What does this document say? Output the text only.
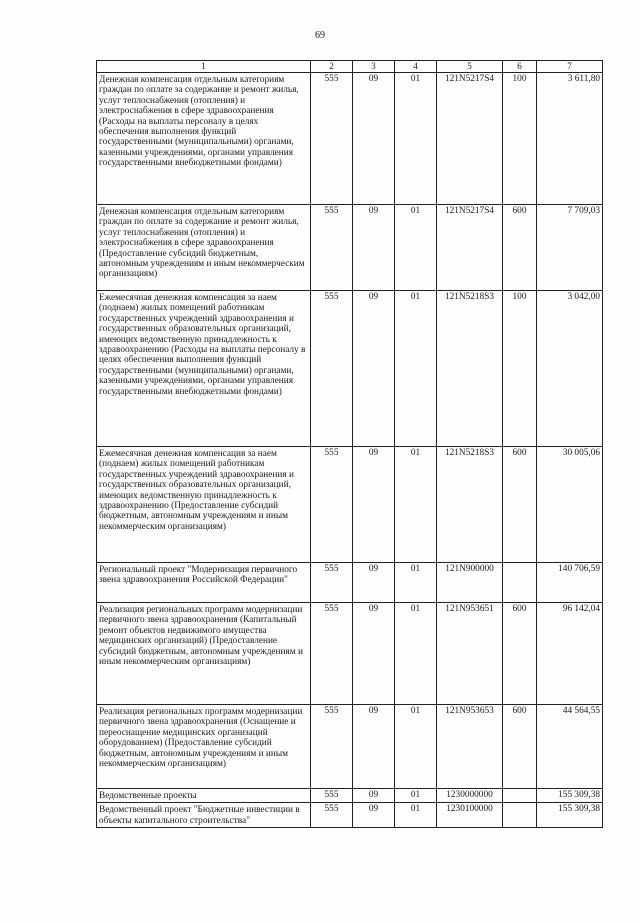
69
1	2	3	4	5	6	7
Денежная компенсация отдельным категориям граждан по оплате за содержание и ремонт жилья, услуг теплоснабжения (отопления) и электроснабжения в сфере здравоохранения (Расходы на выплаты персоналу в целях обеспечения выполнения функций государственными (муниципальными) органами, казенными учреждениями, органами управления государственными внебюджетными фондами)	555	09	01	121N5217S4	100	3 611,80
Денежная компенсация отдельным категориям граждан по оплате за содержание и ремонт жилья, услуг теплоснабжения (отопления) и электроснабжения в сфере здравоохранения (Предоставление субсидий бюджетным, автономным учреждениям и иным некоммерческим организациям)	555	09	01	121N5217S4	600	7 709,03
Ежемесячная денежная компенсация за наем (поднаем) жилых помещений работникам государственных учреждений здравоохранения и государственных образовательных организаций, имеющих ведомственную принадлежность к здравоохранению (Расходы на выплаты персоналу в целях обеспечения выполнения функций государственными (муниципальными) органами, казенными учреждениями, органами управления государственными внебюджетными фондами)	555	09	01	121N5218S3	100	3 042,00
Ежемесячная денежная компенсация за наем (поднаем) жилых помещений работникам государственных учреждений здравоохранения и государственных образовательных организаций, имеющих ведомственную принадлежность к здравоохранению (Предоставление субсидий бюджетным, автономным учреждениям и иным некоммерческим организациям)	555	09	01	121N5218S3	600	30 005,06
Региональный проект "Модернизация первичного звена здравоохранения Российской Федерации"	555	09	01	121N900000		140 706,59
Реализация региональных программ модернизации первичного звена здравоохранения (Капитальный ремонт объектов недвижимого имущества медицинских организаций) (Предоставление субсидий бюджетным, автономным учреждениям и иным некоммерческим организациям)	555	09	01	121N953651	600	96 142,04
Реализация региональных программ модернизации первичного звена здравоохранения (Оснащение и переоснащение медицинских организаций оборудованием) (Предоставление субсидий бюджетным, автономным учреждениям и иным некоммерческим организациям)	555	09	01	121N953653	600	44 564,55
Ведомственные проекты	555	09	01	1230000000		155 309,38
Ведомственный проект "Бюджетные инвестиции в объекты капитального строительства"	555	09	01	1230100000		155 309,38
